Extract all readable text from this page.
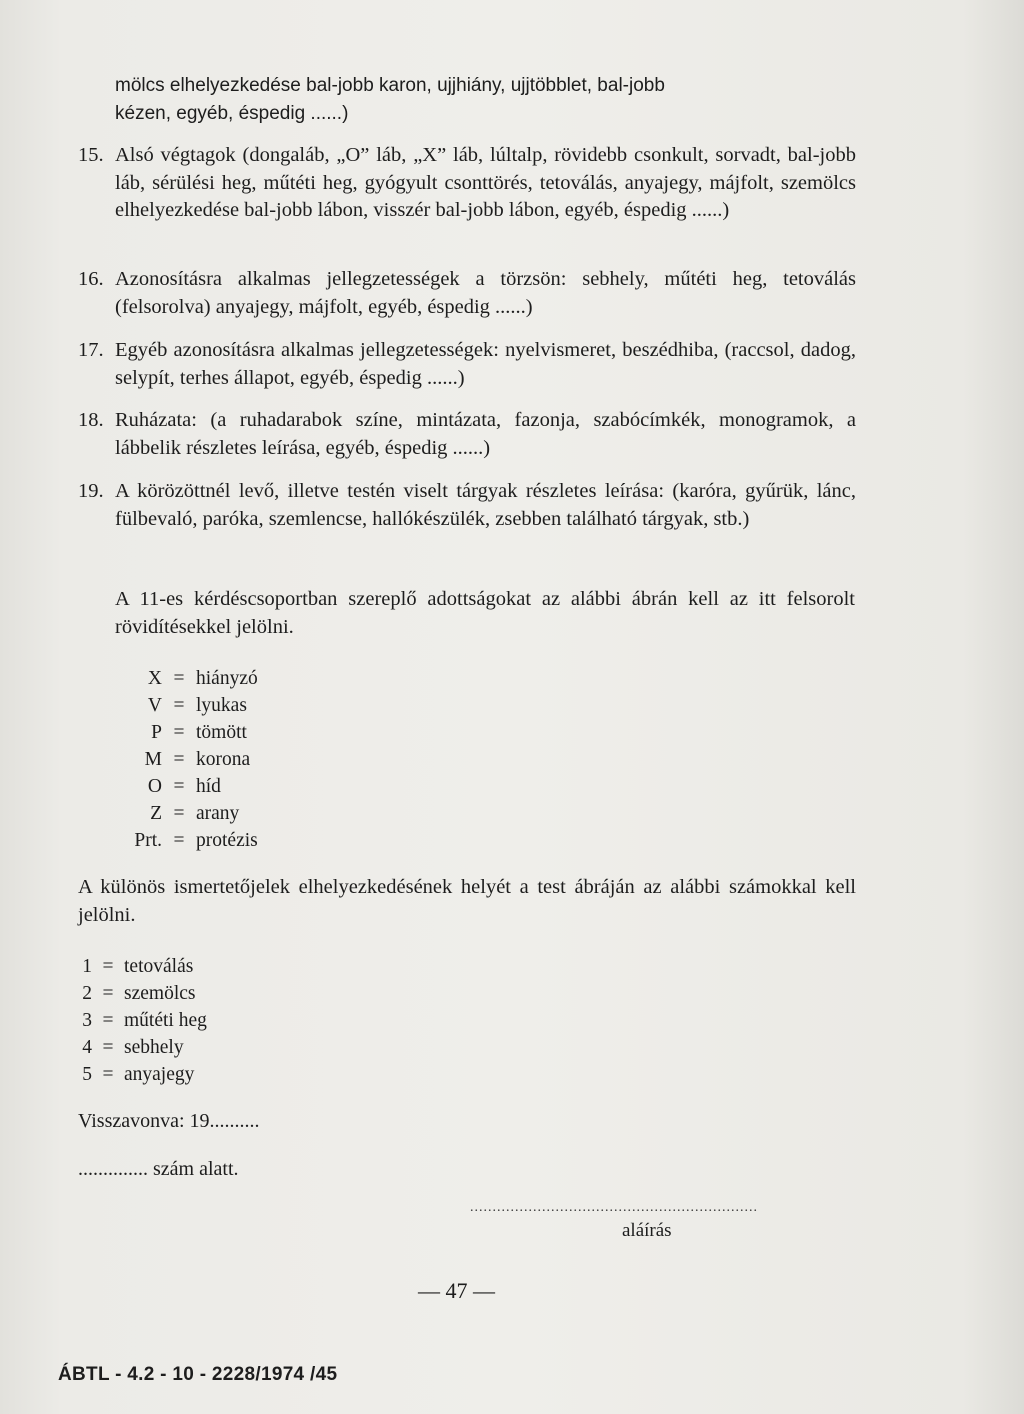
mölcs elhelyezkedése bal-jobb karon, ujjhiány, ujjtöbblet, bal-jobb
kézen, egyéb, éspedig ......)
15. Alsó végtagok (dongaláb, „O” láb, „X” láb, lúltalp, rövidebb csonkult, sorvadt, bal-jobb láb, sérülési heg, műtéti heg, gyógyult csonttörés, tetoválás, anyajegy, májfolt, szemölcs elhelyezkedése bal-jobb lábon, visszér bal-jobb lábon, egyéb, éspedig ......)
16. Azonosításra alkalmas jellegzetességek a törzsön: sebhely, műtéti heg, tetoválás (felsorolva) anyajegy, májfolt, egyéb, éspedig ......)
17. Egyéb azonosításra alkalmas jellegzetességek: nyelvismeret, beszédhiba, (raccsol, dadog, selypít, terhes állapot, egyéb, éspedig ......)
18. Ruházata: (a ruhadarabok színe, mintázata, fazonja, szabócímkék, monogramok, a lábbelik részletes leírása, egyéb, éspedig ......)
19. A körözöttnél levő, illetve testén viselt tárgyak részletes leírása: (karóra, gyűrük, lánc, fülbevaló, paróka, szemlencse, hallókészülék, zsebben található tárgyak, stb.)
A 11-es kérdéscsoportban szereplő adottságokat az alábbi ábrán kell az itt felsorolt rövidítésekkel jelölni.
X = hiányzó
V = lyukas
P = tömött
M = korona
O = híd
Z = arany
Prt. = protézis
A különös ismertetőjelek elhelyezkedésének helyét a test ábráján az alábbi számokkal kell jelölni.
1 = tetoválás
2 = szemölcs
3 = műtéti heg
4 = sebhely
5 = anyajegy
Visszavonva: 19..........
.............. szám alatt.
................................................................
aláírás
— 47 —
ÁBTL - 4.2 - 10 - 2228/1974 /45
